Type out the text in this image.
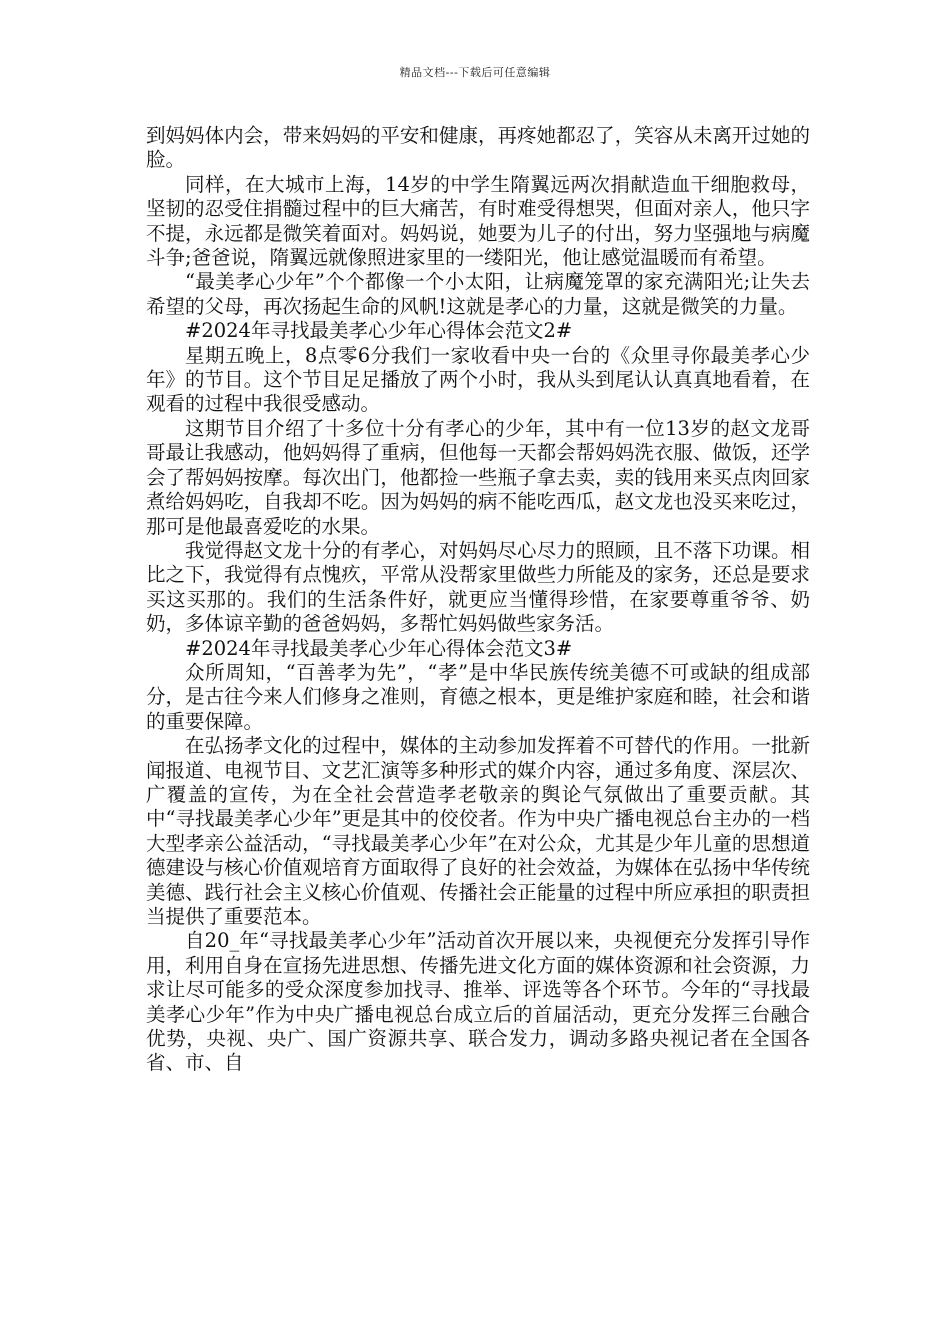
精品文档---下载后可任意编辑

到妈妈体内会，带来妈妈的平安和健康，再疼她都忍了，笑容从未离开过她的脸。

同样，在大城市上海，14岁的中学生隋翼远两次捐献造血干细胞救母，坚韧的忍受住捐髓过程中的巨大痛苦，有时难受得想哭，但面对亲人，他只字不提，永远都是微笑着面对。妈妈说，她要为儿子的付出，努力坚强地与病魔斗争;爸爸说，隋翼远就像照进家里的一缕阳光，他让感觉温暖而有希望。

“最美孝心少年”个个都像一个小太阳，让病魔笼罩的家充满阳光;让失去希望的父母，再次扬起生命的风帆!这就是孝心的力量，这就是微笑的力量。

#2024年寻找最美孝心少年心得体会范文2#

星期五晚上，8点零6分我们一家收看中央一台的《众里寻你最美孝心少年》的节目。这个节目足足播放了两个小时，我从头到尾认认真真地看着，在观看的过程中我很受感动。

这期节目介绍了十多位十分有孝心的少年，其中有一位13岁的赵文龙哥哥最让我感动，他妈妈得了重病，但他每一天都会帮妈妈洗衣服、做饭，还学会了帮妈妈按摩。每次出门，他都捡一些瓶子拿去卖，卖的钱用来买点肉回家煮给妈妈吃，自我却不吃。因为妈妈的病不能吃西瓜，赵文龙也没买来吃过，那可是他最喜爱吃的水果。

我觉得赵文龙十分的有孝心，对妈妈尽心尽力的照顾，且不落下功课。相比之下，我觉得有点愧疚，平常从没帮家里做些力所能及的家务，还总是要求买这买那的。我们的生活条件好，就更应当懂得珍惜，在家要尊重爷爷、奶奶，多体谅辛勤的爸爸妈妈，多帮忙妈妈做些家务活。

#2024年寻找最美孝心少年心得体会范文3#

众所周知，“百善孝为先”，“孝”是中华民族传统美德不可或缺的组成部分，是古往今来人们修身之准则，育德之根本，更是维护家庭和睦，社会和谐的重要保障。

在弘扬孝文化的过程中，媒体的主动参加发挥着不可替代的作用。一批新闻报道、电视节目、文艺汇演等多种形式的媒介内容，通过多角度、深层次、广覆盖的宣传，为在全社会营造孝老敬亲的舆论气氛做出了重要贡献。其中“寻找最美孝心少年”更是其中的佼佼者。作为中央广播电视总台主办的一档大型孝亲公益活动，“寻找最美孝心少年”在对公众，尤其是少年儿童的思想道德建设与核心价值观培育方面取得了良好的社会效益，为媒体在弘扬中华传统美德、践行社会主义核心价值观、传播社会正能量的过程中所应承担的职责担当提供了重要范本。

自20_年“寻找最美孝心少年”活动首次开展以来，央视便充分发挥引导作用，利用自身在宣扬先进思想、传播先进文化方面的媒体资源和社会资源，力求让尽可能多的受众深度参加找寻、推举、评选等各个环节。今年的“寻找最美孝心少年”作为中央广播电视总台成立后的首届活动，更充分发挥三台融合优势，央视、央广、国广资源共享、联合发力，调动多路央视记者在全国各省、市、自
